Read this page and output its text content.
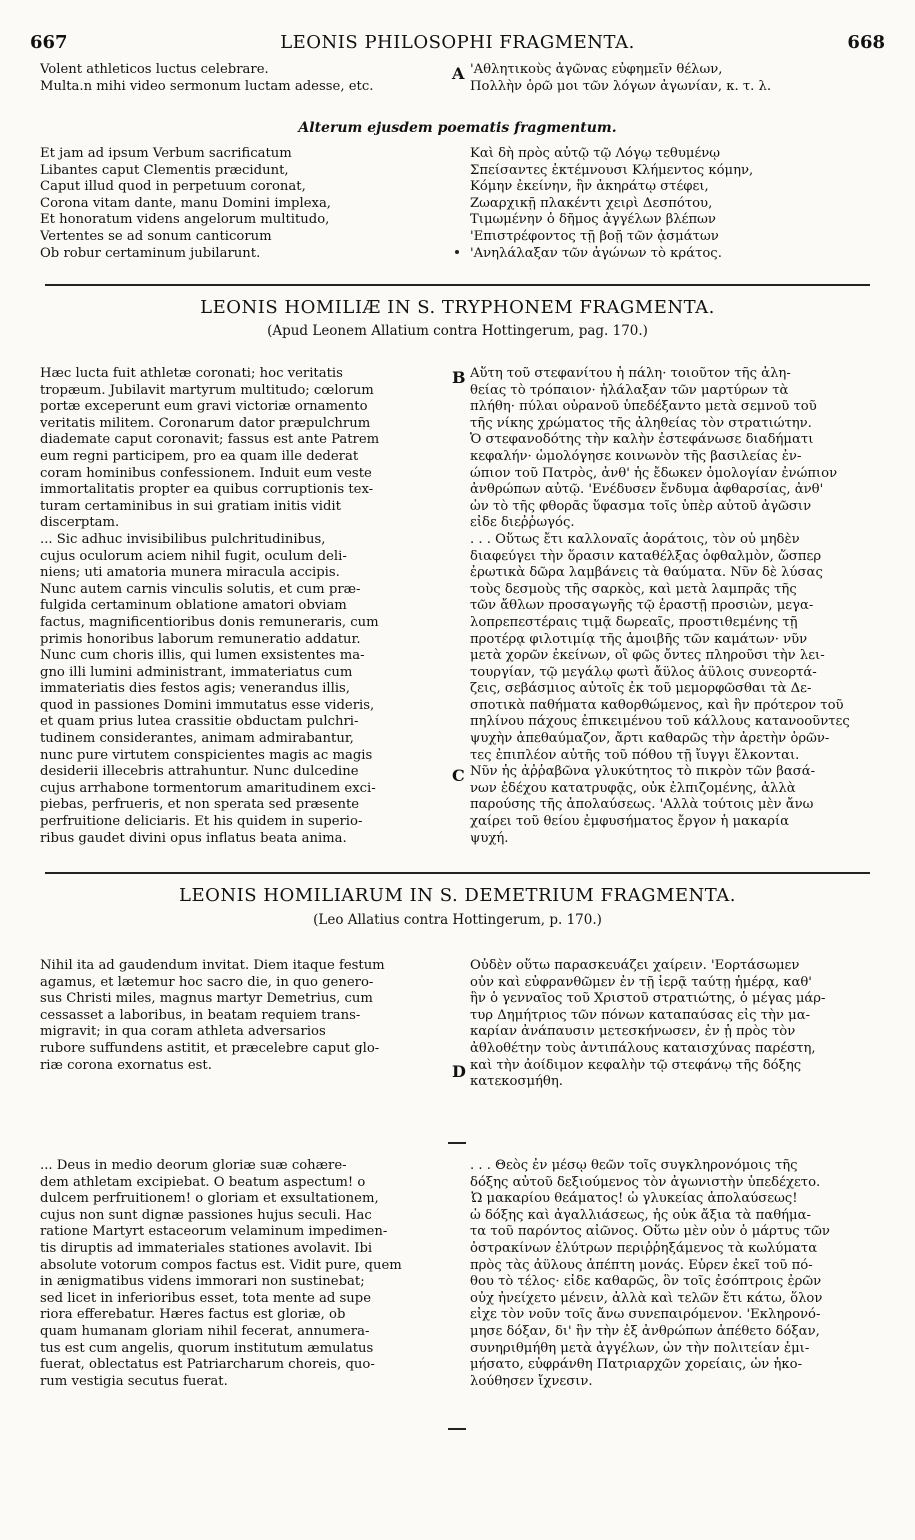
667	LEONIS PHILOSOPHI FRAGMENTA.	668
Volent athleticos luctus celebrare.
Multa.n mihi video sermonum luctam adesse, etc.
A 'Αθλητικοὺς ἀγῶνας εὐφημεῖν θέλων,
Πολλὴν ὁρῶ μοι τῶν λόγων ἀγωνίαν, κ. τ. λ.
Alterum ejusdem poematis fragmentum.
Et jam ad ipsum Verbum sacrificatum
Libantes caput Clementis præcidunt,
Caput illud quod in perpetuum coronat,
Corona vitam dante, manu Domini implexa,
Et honoratum videns angelorum multitudo,
Vertentes se ad sonum canticorum
Ob robur certaminum jubilarunt.
Καὶ δὴ πρὸς αὐτῷ τῷ Λόγῳ τεθυμένῳ
Σπείσαντες ἐκτέμνουσι Κλήμεντος κόμην,
Κόμην ἐκείνην, ἣν ἀκηράτῳ στέφει,
Ζωαρχικῇ πλακέντι χειρὶ Δεσπότου,
Τιμωμένην ὁ δῆμος ἀγγέλων βλέπων
'Επιστρέφοντος τῇ βοῇ τῶν ᾀσμάτων
'Ανηλάλαξαν τῶν ἀγώνων τὸ κράτος.
LEONIS HOMILIÆ IN S. TRYPHONEM FRAGMENTA.
(Apud Leonem Allatium contra Hottingerum, pag. 170.)
Hæc lucta fuit athletæ coronati; hoc veritatis
tropæum. Jubilavit martyrum multitudo; cœlorum
portæ exceperunt eum gravi victoriæ ornamento
veritatis militem. Coronarum dator præpulchrum
diademate caput coronavit; fassus est ante Patrem
eum regni participem, pro ea quam ille dederat
coram hominibus confessionem. Induit eum veste
immortalitatis propter ea quibus corruptionis tex-
turam certaminibus in sui gratiam initis vidit
discerptam.
... Sic adhuc invisibilibus pulchritudinibus,
cujus oculorum aciem nihil fugit, oculum deli-
niens; uti amatoria munera miracula accipis.
Nunc autem carnis vinculis solutis, et cum præ-
fulgida certaminum oblatione amatori obviam
factus, magnificentioribus donis remuneraris, cum
primis honoribus laborum remuneratio addatur.
Nunc cum choris illis, qui lumen exsistentes ma-
gno illi lumini administrant, immateriatus cum
immateriatis dies festos agis; venerandus illis,
quod in passiones Domini immutatus esse videris,
et quam prius lutea crassitie obductam pulchri-
tudinem considerantes, animam admirabantur,
nunc pure virtutem conspicientes magis ac magis
desiderii illecebris attrahuntur. Nunc dulcedine
cujus arrhabone tormentorum amaritudinem exci-
piebas, perfrueris, et non sperata sed præsente
perfruitione deliciaris. Et his quidem in superio-
ribus gaudet divini opus inflatus beata anima.
B
C
Αὕτη τοῦ στεφανίτου ἡ πάλη· τοιοῦτον τῆς ἀλη-
θείας τὸ τρόπαιον· ἠλάλαξαν τῶν μαρτύρων τὰ
πλήθη· πύλαι οὐρανοῦ ὑπεδέξαντο μετὰ σεμνοῦ τοῦ
τῆς νίκης χρώματος τῆς ἀληθείας τὸν στρατιώτην.
Ὁ στεφανοδότης τὴν καλὴν ἐστεφάνωσε διαδήματι
κεφαλήν· ὡμολόγησε κοινωνὸν τῆς βασιλείας ἐν-
ώπιον τοῦ Πατρὸς, ἀνθ' ἧς ἔδωκεν ὁμολογίαν ἐνώπιον
ἀνθρώπων αὐτῷ. 'Ενέδυσεν ἔνδυμα ἀφθαρσίας, ἀνθ'
ὧν τὸ τῆς φθορᾶς ὕφασμα τοῖς ὑπὲρ αὐτοῦ ἀγῶσιν
εἶδε διεῤῥωγός.
. . . Οὕτως ἔτι καλλοναῖς ἀοράτοις, τὸν οὗ μηδὲν
διαφεύγει τὴν ὅρασιν καταθέλξας ὀφθαλμὸν, ὥσπερ
ἐρωτικὰ δῶρα λαμβάνεις τὰ θαύματα. Νῦν δὲ λύσας
τοὺς δεσμοὺς τῆς σαρκὸς, καὶ μετὰ λαμπρᾶς τῆς
τῶν ἄθλων προσαγωγῆς τῷ ἐραστῇ προσιὼν, μεγα-
λοπρεπεστέραις τιμᾷ δωρεαῖς, προστιθεμένης τῇ
προτέρᾳ φιλοτιμίᾳ τῆς ἀμοιβῆς τῶν καμάτων· νῦν
μετὰ χορῶν ἐκείνων, οἳ φῶς ὄντες πληροῦσι τὴν λει-
τουργίαν, τῷ μεγάλῳ φωτὶ ἄϋλος ἀΰλοις συνεορτά-
ζεις, σεβάσμιος αὐτοῖς ἐκ τοῦ μεμορφῶσθαι τὰ Δε-
σποτικὰ παθήματα καθορθώμενος, καὶ ἣν πρότερον τοῦ
πηλίνου πάχους ἐπικειμένου τοῦ κάλλους κατανοοῦντες
ψυχὴν ἀπεθαύμαζον, ἄρτι καθαρῶς τὴν ἀρετὴν ὁρῶν-
τες ἐπιπλέον αὐτῆς τοῦ πόθου τῇ ἴυγγι ἕλκονται.
Νῦν ἧς ἀῤῥαβῶνα γλυκύτητος τὸ πικρὸν τῶν βασά-
νων ἐδέχου κατατρυφᾷς, οὐκ ἐλπιζομένης, ἀλλὰ
παρούσης τῆς ἀπολαύσεως. 'Αλλὰ τούτοις μὲν ἄνω
χαίρει τοῦ θείου ἐμφυσήματος ἔργον ἡ μακαρία
ψυχή.
LEONIS HOMILIARUM IN S. DEMETRIUM FRAGMENTA.
(Leo Allatius contra Hottingerum, p. 170.)
Nihil ita ad gaudendum invitat. Diem itaque festum
agamus, et lætemur hoc sacro die, in quo genero-
sus Christi miles, magnus martyr Demetrius, cum
cessasset a laboribus, in beatam requiem trans-
migravit; in qua coram athleta adversarios
rubore suffundens astitit, et præcelebre caput glo-
riæ corona exornatus est.	D
Οὐδὲν οὕτω παρασκευάζει χαίρειν. 'Εορτάσωμεν
οὖν καὶ εὐφρανθῶμεν ἐν τῇ ἱερᾷ ταύτῃ ἡμέρᾳ, καθ'
ἣν ὁ γενναῖος τοῦ Χριστοῦ στρατιώτης, ὁ μέγας μάρ-
τυρ Δημήτριος τῶν πόνων καταπαύσας εἰς τὴν μα-
καρίαν ἀνάπαυσιν μετεσκήνωσεν, ἐν ᾗ πρὸς τὸν
ἀθλοθέτην τοὺς ἀντιπάλους καταισχύνας παρέστη,
καὶ τὴν ἀοίδιμον κεφαλὴν τῷ στεφάνῳ τῆς δόξης
κατεκοσμήθη.
... Deus in medio deorum gloriæ suæ cohære-
dem athletam excipiebat. O beatum aspectum! o
dulcem perfruitionem! o gloriam et exsultationem,
cujus non sunt dignæ passiones hujus seculi. Hac
ratione Martyrt estaceorum velaminum impedimen-
tis diruptis ad immateriales stationes avolavit. Ibi
absolute votorum compos factus est. Vidit pure, quem
in ænigmatibus videns immorari non sustinebat;
sed licet in inferioribus esset, tota mente ad supe
riora efferebatur. Hæres factus est gloriæ, ob
quam humanam gloriam nihil fecerat, annumera-
tus est cum angelis, quorum institutum æmulatus
fuerat, oblectatus est Patriarcharum choreis, quo-
rum vestigia secutus fuerat.
. . . Θεὸς ἐν μέσῳ θεῶν τοῖς συγκληρονόμοις τῆς
δόξης αὐτοῦ δεξιούμενος τὸν ἀγωνιστὴν ὑπεδέχετο.
Ὦ μακαρίου θεάματος! ὦ γλυκείας ἀπολαύσεως!
ὦ δόξης καὶ ἀγαλλιάσεως, ἧς οὐκ ἄξια τὰ παθήμα-
τα τοῦ παρόντος αἰῶνος. Οὕτω μὲν οὖν ὁ μάρτυς τῶν
ὀστρακίνων ἐλύτρων περιῤῥηξάμενος τὰ κωλύματα
πρὸς τὰς ἀΰλους ἀπέπτη μονάς. Εὗρεν ἐκεῖ τοῦ πό-
θου τὸ τέλος· εἶδε καθαρῶς, ὃν τοῖς ἐσόπτροις ἐρῶν
οὐχ ἠνείχετο μένειν, ἀλλὰ καὶ τελῶν ἔτι κάτω, ὅλον
εἶχε τὸν νοῦν τοῖς ἄνω συνεπαιρόμενον. 'Εκληρονό-
μησε δόξαν, δι' ἣν τὴν ἐξ ἀνθρώπων ἀπέθετο δόξαν,
συνηριθμήθη μετὰ ἀγγέλων, ὧν τὴν πολιτείαν ἐμι-
μήσατο, εὐφράνθη Πατριαρχῶν χορείαις, ὧν ἠκο-
λούθησεν ἴχνεσιν.
